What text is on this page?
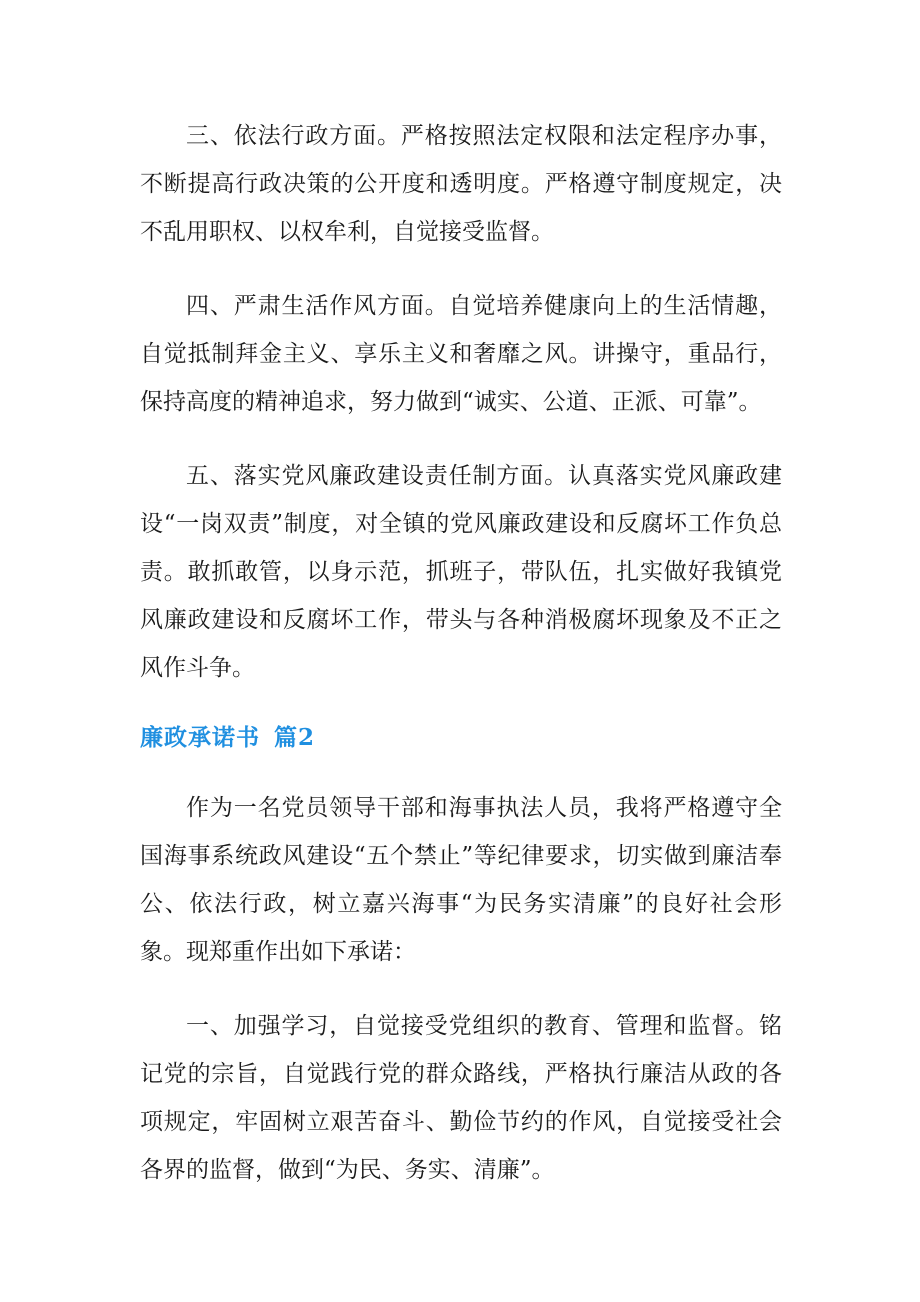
三、依法行政方面。严格按照法定权限和法定程序办事，不断提高行政决策的公开度和透明度。严格遵守制度规定，决不乱用职权、以权牟利，自觉接受监督。

四、严肃生活作风方面。自觉培养健康向上的生活情趣，自觉抵制拜金主义、享乐主义和奢靡之风。讲操守，重品行，保持高度的精神追求，努力做到“诚实、公道、正派、可靠”。

五、落实党风廉政建设责任制方面。认真落实党风廉政建设“一岗双责”制度，对全镇的党风廉政建设和反腐坏工作负总责。敢抓敢管，以身示范，抓班子，带队伍，扎实做好我镇党风廉政建设和反腐坏工作，带头与各种消极腐坏现象及不正之风作斗争。

廉政承诺书 篇2

作为一名党员领导干部和海事执法人员，我将严格遵守全国海事系统政风建设“五个禁止”等纪律要求，切实做到廉洁奉公、依法行政，树立嘉兴海事“为民务实清廉”的良好社会形象。现郑重作出如下承诺：

一、加强学习，自觉接受党组织的教育、管理和监督。铭记党的宗旨，自觉践行党的群众路线，严格执行廉洁从政的各项规定，牢固树立艰苦奋斗、勤俭节约的作风，自觉接受社会各界的监督，做到“为民、务实、清廉”。
